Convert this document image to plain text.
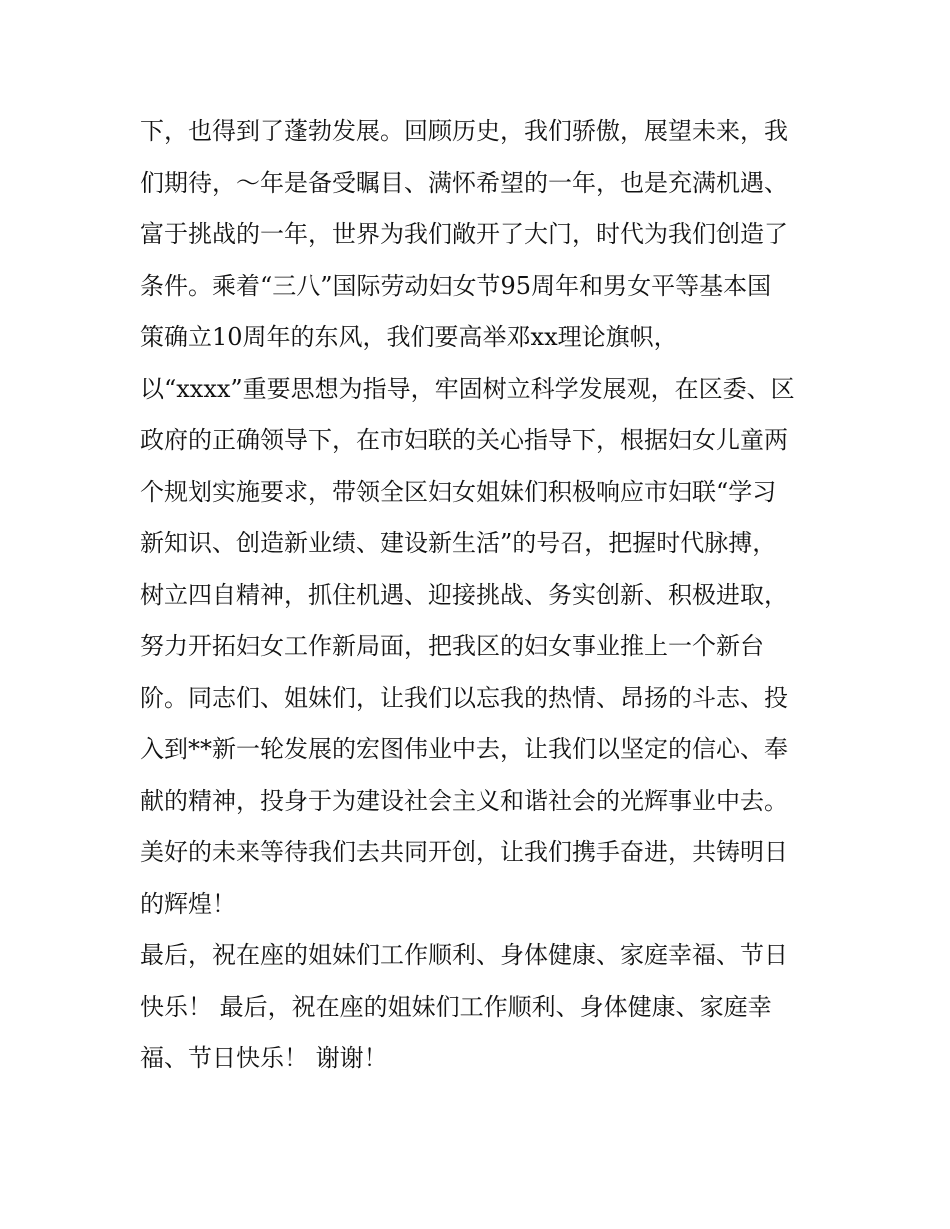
下，也得到了蓬勃发展。回顾历史，我们骄傲，展望未来，我
们期待，～年是备受瞩目、满怀希望的一年，也是充满机遇、
富于挑战的一年，世界为我们敞开了大门，时代为我们创造了
条件。乘着“三八”国际劳动妇女节95周年和男女平等基本国
策确立10周年的东风，我们要高举邓xx理论旗帜，
以“xxxx”重要思想为指导，牢固树立科学发展观，在区委、区
政府的正确领导下，在市妇联的关心指导下，根据妇女儿童两
个规划实施要求，带领全区妇女姐妹们积极响应市妇联“学习
新知识、创造新业绩、建设新生活”的号召，把握时代脉搏，
树立四自精神，抓住机遇、迎接挑战、务实创新、积极进取，
努力开拓妇女工作新局面，把我区的妇女事业推上一个新台
阶。同志们、姐妹们，让我们以忘我的热情、昂扬的斗志、投
入到**新一轮发展的宏图伟业中去，让我们以坚定的信心、奉
献的精神，投身于为建设社会主义和谐社会的光辉事业中去。
美好的未来等待我们去共同开创，让我们携手奋进，共铸明日
的辉煌！
最后，祝在座的姐妹们工作顺利、身体健康、家庭幸福、节日
快乐！ 最后，祝在座的姐妹们工作顺利、身体健康、家庭幸
福、节日快乐！ 谢谢！
